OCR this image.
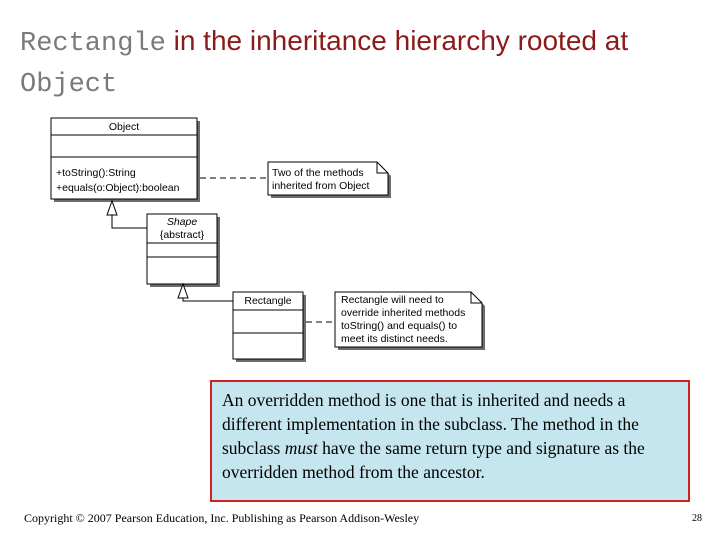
Rectangle in the inheritance hierarchy rooted at Object
Object
+toString():String
+equals(o:Object):boolean
Two of the methods
inherited from Object
Shape
{abstract}
Rectangle	Rectangle will need to
override inherited methods
toString() and equals() to
meet its distinct needs.
An overridden method is one that is inherited and needs a different implementation in the subclass. The method in the subclass must have the same return type and signature as the overridden method from the ancestor.
Copyright © 2007 Pearson Education, Inc. Publishing as Pearson Addison-Wesley	28
